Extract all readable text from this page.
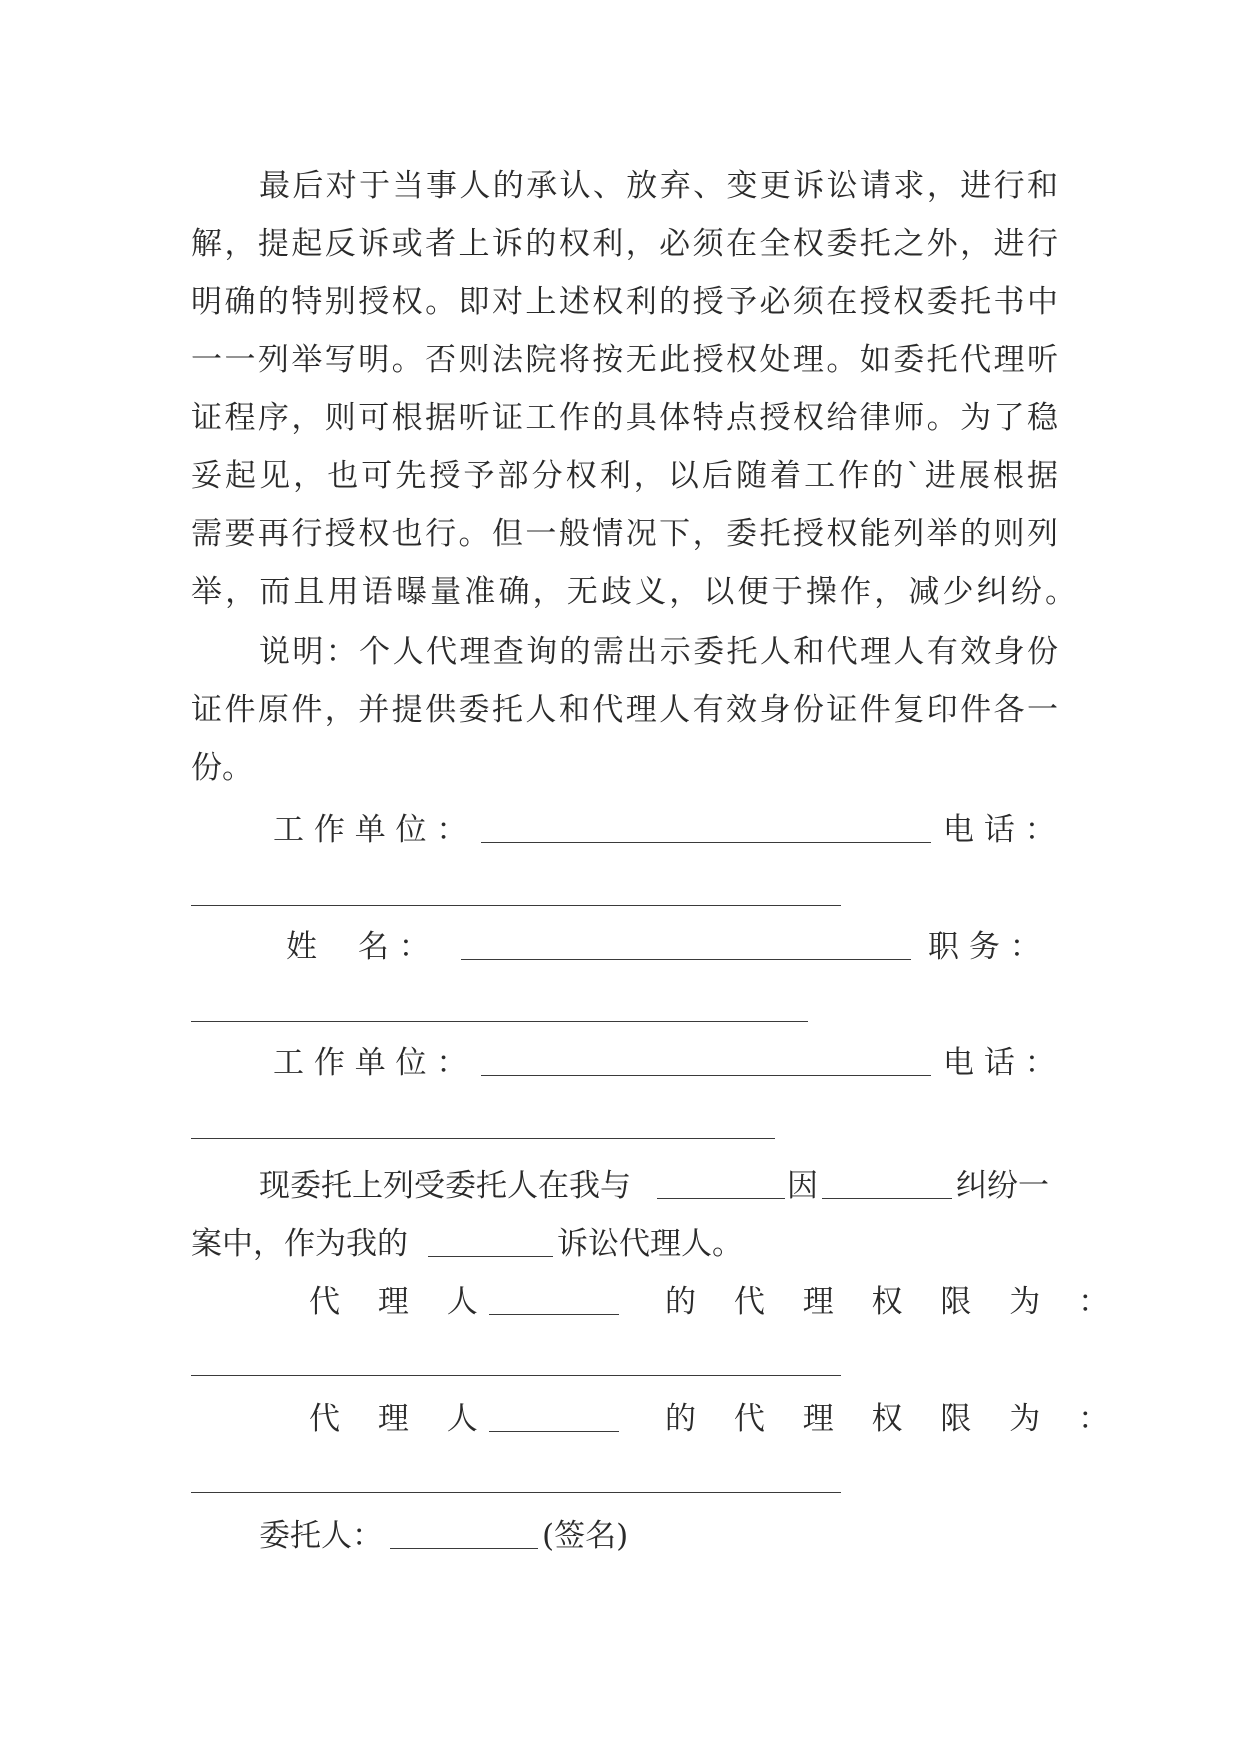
最后对于当事人的承认、放弃、变更诉讼请求，进行和
解，提起反诉或者上诉的权利，必须在全权委托之外，进行
明确的特别授权。即对上述权利的授予必须在授权委托书中
一一列举写明。否则法院将按无此授权处理。如委托代理听
证程序，则可根据听证工作的具体特点授权给律师。为了稳
妥起见，也可先授予部分权利，以后随着工作的`进展根据
需要再行授权也行。但一般情况下，委托授权能列举的则列
举，而且用语曝量准确，无歧义，以便于操作，减少纠纷。
说明：个人代理查询的需出示委托人和代理人有效身份
证件原件，并提供委托人和代理人有效身份证件复印件各一
份。
工 作 单 位 ：	电 话 ：
姓　 名 ：	职 务 ：
工 作 单 位 ：	电 话 ：
现委托上列受委托人在我与	因	纠纷一
案中，作为我的	诉讼代理人。
代 理 人	的 代 理 权 限 为 ：
代 理 人	的 代 理 权 限 为 ：
委托人：	(签名)
